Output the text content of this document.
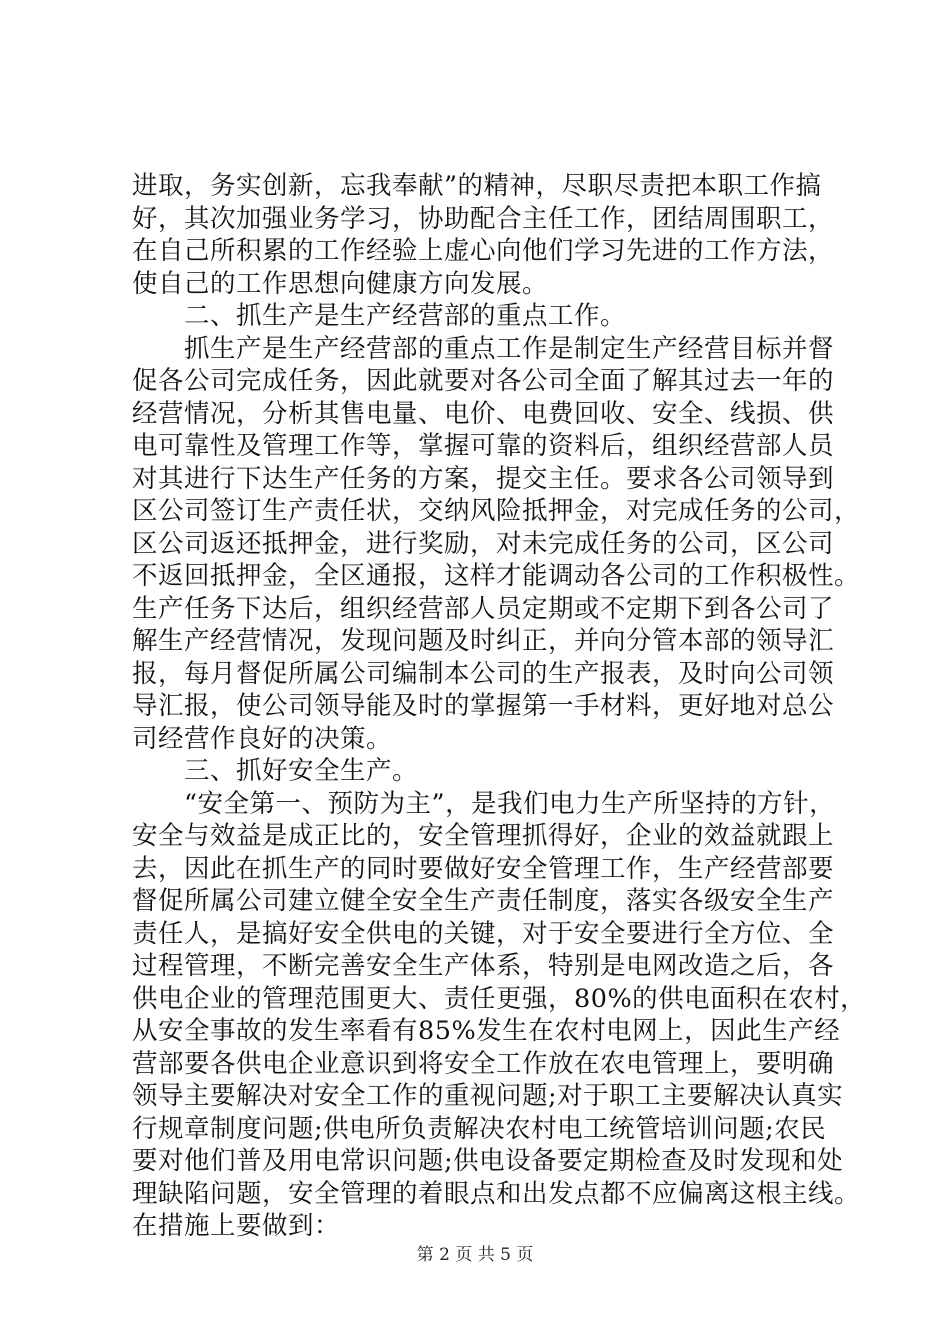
进取，务实创新，忘我奉献”的精神，尽职尽责把本职工作搞
好，其次加强业务学习，协助配合主任工作，团结周围职工，
在自己所积累的工作经验上虚心向他们学习先进的工作方法，
使自己的工作思想向健康方向发展。
二、抓生产是生产经营部的重点工作。
抓生产是生产经营部的重点工作是制定生产经营目标并督
促各公司完成任务，因此就要对各公司全面了解其过去一年的
经营情况，分析其售电量、电价、电费回收、安全、线损、供
电可靠性及管理工作等，掌握可靠的资料后，组织经营部人员
对其进行下达生产任务的方案，提交主任。要求各公司领导到
区公司签订生产责任状，交纳风险抵押金，对完成任务的公司，
区公司返还抵押金，进行奖励，对未完成任务的公司，区公司
不返回抵押金，全区通报，这样才能调动各公司的工作积极性。
生产任务下达后，组织经营部人员定期或不定期下到各公司了
解生产经营情况，发现问题及时纠正，并向分管本部的领导汇
报，每月督促所属公司编制本公司的生产报表，及时向公司领
导汇报，使公司领导能及时的掌握第一手材料，更好地对总公
司经营作良好的决策。
三、抓好安全生产。
“安全第一、预防为主”，是我们电力生产所坚持的方针，
安全与效益是成正比的，安全管理抓得好，企业的效益就跟上
去，因此在抓生产的同时要做好安全管理工作，生产经营部要
督促所属公司建立健全安全生产责任制度，落实各级安全生产
责任人，是搞好安全供电的关键，对于安全要进行全方位、全
过程管理，不断完善安全生产体系，特别是电网改造之后，各
供电企业的管理范围更大、责任更强，80%的供电面积在农村，
从安全事故的发生率看有85%发生在农村电网上，因此生产经
营部要各供电企业意识到将安全工作放在农电管理上，要明确
领导主要解决对安全工作的重视问题;对于职工主要解决认真实
行规章制度问题;供电所负责解决农村电工统管培训问题;农民
要对他们普及用电常识问题;供电设备要定期检查及时发现和处
理缺陷问题，安全管理的着眼点和出发点都不应偏离这根主线。
在措施上要做到：
第 2 页 共 5 页
